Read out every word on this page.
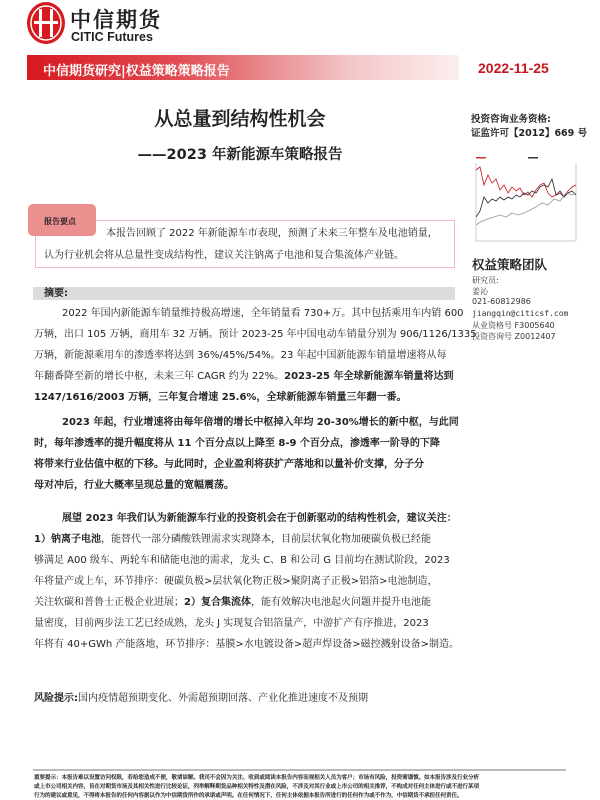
中信期货
CITIC Futures
中信期货研究|权益策略策略报告	2022-11-25
从总量到结构性机会
——2023 年新能源车策略报告
投资咨询业务资格:
证监许可【2012】669 号
权益策略团队
研究员:
姜沁
021-60812986
jiangqin@citicsf.com
从业资格号 F3005640
投资咨询号 Z0012407
报告要点
本报告回顾了 2022 年新能源车市表现，预测了未来三年整车及电池销量，
认为行业机会将从总量性变成结构性，建议关注钠离子电池和复合集流体产业链。
摘要:
2022 年国内新能源车销量维持极高增速，全年销量看 730+万。其中包括乘用车内销 600
万辆，出口 105 万辆，商用车 32 万辆。预计 2023-25 年中国电动车销量分别为 906/1126/1335
万辆，新能源乘用车的渗透率将达到 36%/45%/54%。23 年起中国新能源车销量增速将从每
年翻番降至新的增长中枢，未来三年 CAGR 约为 22%。2023-25 年全球新能源车销量将达到
1247/1616/2003 万辆，三年复合增速 25.6%，全球新能源车销量三年翻一番。
2023 年起，行业增速将由每年倍增的增长中枢掉入年均 20-30%增长的新中枢，与此同
时，每年渗透率的提升幅度将从 11 个百分点以上降至 8-9 个百分点，渗透率一阶导的下降
将带来行业估值中枢的下移。与此同时，企业盈利将获扩产落地和以量补价支撑，分子分
母对冲后，行业大概率呈现总量的宽幅震荡。
展望 2023 年我们认为新能源车行业的投资机会在于创新驱动的结构性机会，建议关注：
1）钠离子电池，能替代一部分磷酸铁锂需求实现降本，目前层状氧化物加硬碳负极已经能
够满足 A00 级车、两轮车和储能电池的需求，龙头 C、B 和公司 G 目前均在测试阶段，2023
年将量产或上车，环节排序：硬碳负极>层状氧化物正极>聚阴离子正极>铝箔>电池制造，
关注软碳和普鲁士正极企业进展；2）复合集流体，能有效解决电池起火问题并提升电池能
量密度，目前两步法工艺已经成熟，龙头 J 实现复合铝箔量产，中游扩产有序推进，2023
年将有 40+GWh 产能落地，环节排序：基膜>水电镀设备>超声焊设备>磁控溅射设备>制造。
风险提示:国内疫情超预期变化、外需超预期回落、产业化推进速度不及预期
重要提示：本报告难以设置访问权限，若给您造成不便，敬请谅解。我司不会因为关注、收到或阅读本报告内容而视相关人员为客户；市场有风险，投资需谨慎。如本报告涉及行业分析
或上市公司相关内容，旨在对期货市场及其相关性进行比较论证，列举解释期货品种相关特性及潜在风险，不涉及对其行业或上市公司的相关推荐，不构成对任何主体进行或不进行某项
行为的建议或意见，不得将本报告的任何内容据以作为中信期货所作的承诺或声明。在任何情况下，任何主体依据本报告所进行的任何作为或不作为，中信期货不承担任何责任。
